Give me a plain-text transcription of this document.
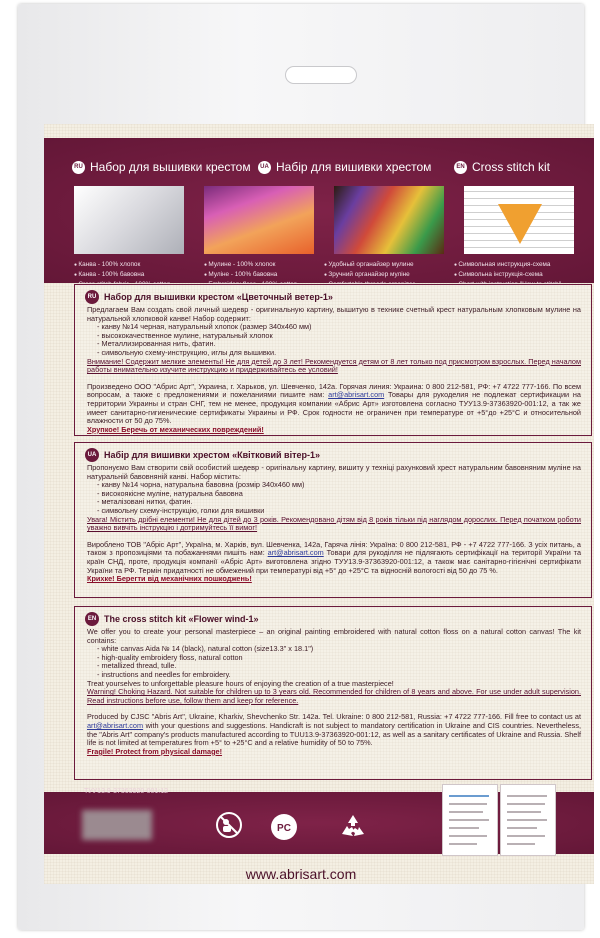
RU Набор для вышивки крестом	UA Набір для вишивки хрестом	EN Cross stitch kit
● Канва - 100% хлопок
● Канва - 100% бавовна
● Cross stitch fabric - 100% cotton
● Мулине - 100% хлопок
● Мулiне - 100% бавовна
● Embroidery floss - 100% cotton
● Удобный органайзер мулине
● Зручний органайзер мулiне
● Comfortable threads organizer
● Символьная инструкция-схема
● Символьна iнструкцiя-схема
● Chart with instruction "How to stitch"
RU Набор для вышивки крестом «Цветочный ветер-1»

Предлагаем Вам создать свой личный шедевр - оригинальную картину, вышитую в технике счетный крест натуральным хлопковым мулине на натуральной хлопковой канве! Набор содержит:

- канву №14 черная, натуральный хлопок (размер 340х460 мм)
- высококачественное мулине, натуральный хлопок
- Металлизированная нить, фатин.
- символьную схему-инструкцию, иглы для вышивки.

Внимание! Содержит мелкие элементы! Не для детей до 3 лет! Рекомендуется детям от 8 лет только под присмотром взрослых. Перед началом работы внимательно изучите инструкцию и придерживайтесь ее условий!

Произведено ООО "Абрис Арт", Украина, г. Харьков, ул. Шевченко, 142а. Горячая линия: Украина: 0 800 212-581, РФ: +7 4722 777-166. По всем вопросам, а также с предложениями и пожеланиями пишите нам: art@abrisart.com Товары для рукоделия не подлежат сертификации на территории Украины и стран СНГ, тем не менее, продукция компании «Абрис Арт» изготовлена согласно ТУУ13.9-37363920-001:12, а так же имеет санитарно-гигиенические сертификаты Украины и РФ. Срок годности не ограничен при температуре от +5°до +25°С и относительной влажности от 50 до 75%.

Хрупкое! Беречь от механических повреждений!

UA Набір для вишивки хрестом «Квітковий вітер-1»

Пропонуємо Вам створити свій особистий шедевр - оригінальну картину, вишиту у техніці рахунковий хрест натуральним бавовняним мулiне на натуральній бавовняній канві. Набор містить:

- канву №14 чорна, натуральна бавовна (розмір 340х460 мм)
- високоякісне мулiне, натуральна бавовна
- металізовані нитки, фатин.
- символьну схему-інструкцію, голки для вишивки

Увага! Містить дрібні елементи! Не для дітей до 3 років. Рекомендовано дітям від 8 років тільки під наглядом дорослих. Перед початком роботи уважно вивчіть інструкцію і дотримуйтесь її вимог!

Виробленo ТОВ "Абріс Арт", Україна, м. Харків, вул. Шевченка, 142а, Гаряча лінія: Україна: 0 800 212-581, РФ - +7 4722 777-166. З усіх питань, а також з пропозиціями та побажаннями пишіть нам: art@abrisart.com Товари для рукоділля не підлягають сертифікації на території України та країн СНД, проте, продукція компанії «Абріс Арт» виготовлена згідно ТУУ13.9-37363920-001:12, а також має санітарно-гігієнічні сертифікати України та РФ. Термін придатності не обмежений при температурі від +5° до +25°С та відносній вологості від 50 до 75 %.

Крихке! Берегти від механічних пошкоджень!

EN The cross stitch kit «Flower wind-1»

We offer you to create your personal masterpiece – an original painting embroidered with natural cotton floss on a natural cotton canvas! The kit contains:

- white canvas Aida № 14 (black), natural cotton (size13.3" x 18.1")
- high-quality embroidery floss, natural cotton
- metallized thread, tulle.
- instructions and needles for embroidery.

Treat yourselves to unforgettable pleasure hours of enjoying the creation of a true masterpiece!

Warning! Choking Hazard. Not suitable for children up to 3 years old. Recommended for children of 8 years and above. For use under adult supervision. Read instructions before use, follow them and keep for reference.

Produced by CJSC "Abris Art", Ukraine, Kharkiv, Shevchenko Str. 142a. Tel. Ukraine: 0 800 212-581, Russia: +7 4722 777-166. Fill free to contact us at art@abrisart.com with your questions and suggestions. Handicraft is not subject to mandatory certification in Ukraine and CIS countries. Nevertheless, the "Abris Art" company's products manufactured according to TUU13.9-37363920-001:12, as well as a sanitary certificates of Ukraine and Russia. Shelf life is not limited at temperatures from +5° to +25°C and a relative humidity of 50 to 75%.

Fragile! Protect from physical damage!

ТУУ13.9-37363920-001:12
PC
www.abrisart.com
